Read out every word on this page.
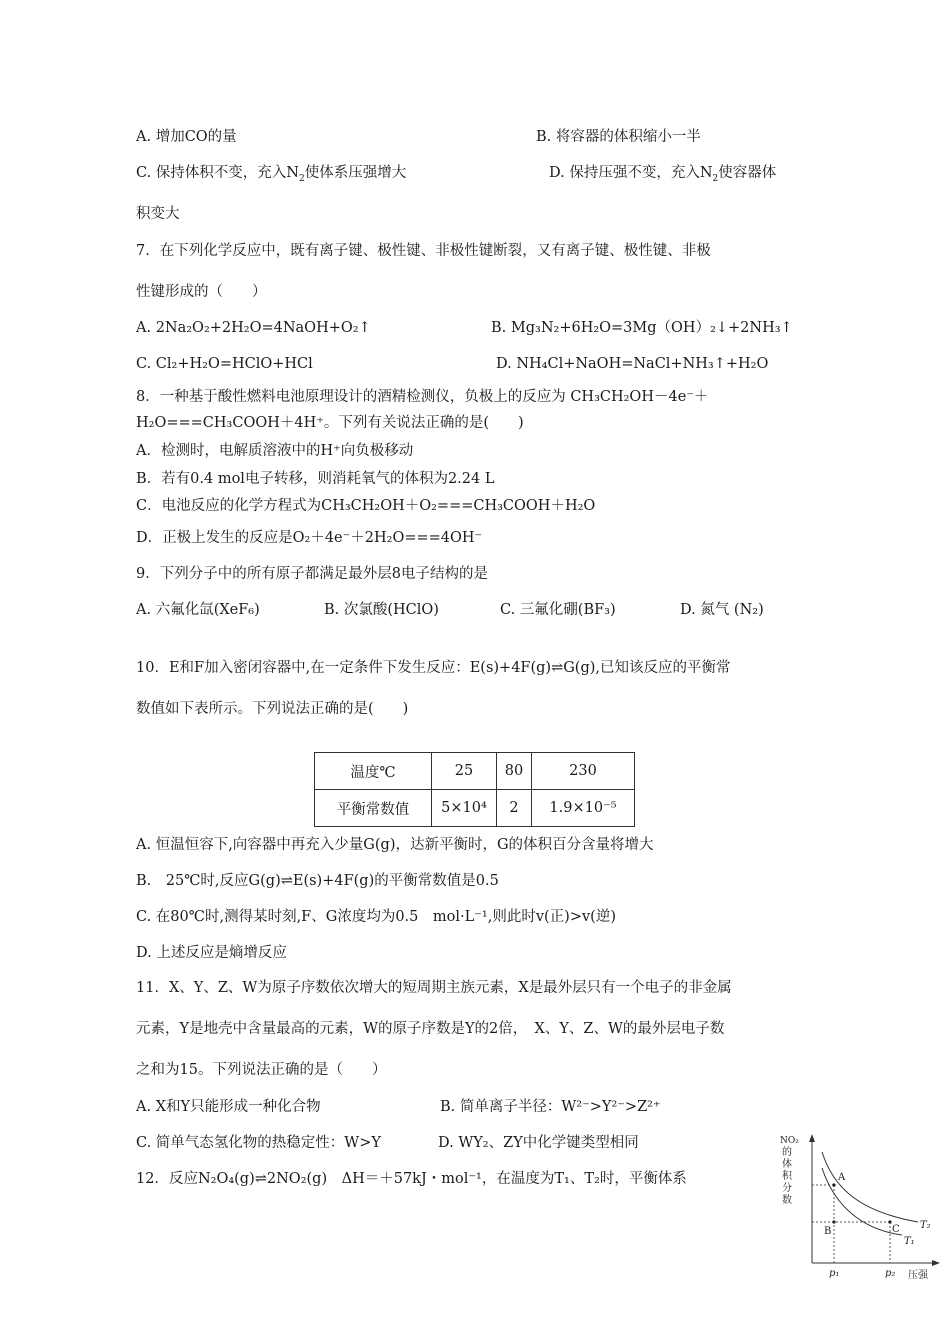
A. 增加CO的量	B. 将容器的体积缩小一半
C. 保持体积不变，充入$N_2$使体系压强增大	D. 保持压强不变，充入$N_2$使容器体
积变大
7．在下列化学反应中，既有离子键、极性键、非极性键断裂，又有离子键、极性键、非极
性键形成的（　　）
A. 2Na₂O₂+2H₂O=4NaOH+O₂↑	B. Mg₃N₂+6H₂O=3Mg（OH）₂↓+2NH₃↑
C. Cl₂+H₂O=HClO+HCl	D. NH₄Cl+NaOH=NaCl+NH₃↑+H₂O
8．一种基于酸性燃料电池原理设计的酒精检测仪，负极上的反应为 CH₃CH₂OH－4e⁻＋
H₂O===CH₃COOH＋4H⁺。下列有关说法正确的是(　　)
A．检测时，电解质溶液中的H⁺向负极移动
B．若有0.4 mol电子转移，则消耗氧气的体积为2.24 L
C．电池反应的化学方程式为CH₃CH₂OH＋O₂===CH₃COOH＋H₂O
D．正极上发生的反应是O₂＋4e⁻＋2H₂O===4OH⁻
9．下列分子中的所有原子都满足最外层8电子结构的是
A. 六氟化氙(XeF₆)	B. 次氯酸(HClO)	C. 三氟化硼(BF₃)	D. 氮气 (N₂)
10．E和F加入密闭容器中,在一定条件下发生反应：E(s)+4F(g)⇌G(g),已知该反应的平衡常
数值如下表所示。下列说法正确的是(　　)
温度℃	25	80	230
平衡常数值	5×10⁴	2	1.9×10⁻⁵
A. 恒温恒容下,向容器中再充入少量G(g)，达新平衡时，G的体积百分含量将增大
B.　25℃时,反应G(g)⇌E(s)+4F(g)的平衡常数值是0.5
C. 在80℃时,测得某时刻,F、G浓度均为0.5　mol·L⁻¹,则此时v(正)>v(逆)
D. 上述反应是熵增反应
11．X、Y、Z、W为原子序数依次增大的短周期主族元素，X是最外层只有一个电子的非金属
元素，Y是地壳中含量最高的元素，W的原子序数是Y的2倍，　X、Y、Z、W的最外层电子数
之和为15。下列说法正确的是（　　）
A. X和Y只能形成一种化合物	B. 简单离子半径：W²⁻>Y²⁻>Z²⁺
C. 简单气态氢化物的热稳定性：W>Y	D. WY₂、ZY中化学键类型相同
12．反应N₂O₄(g)⇌2NO₂(g)　ΔH＝＋57kJ・mol⁻¹，在温度为T₁、T₂时，平衡体系
NO₂
的
体
积
分
数
A
B	C T₂
T₁
p₁	p₂ 压强
